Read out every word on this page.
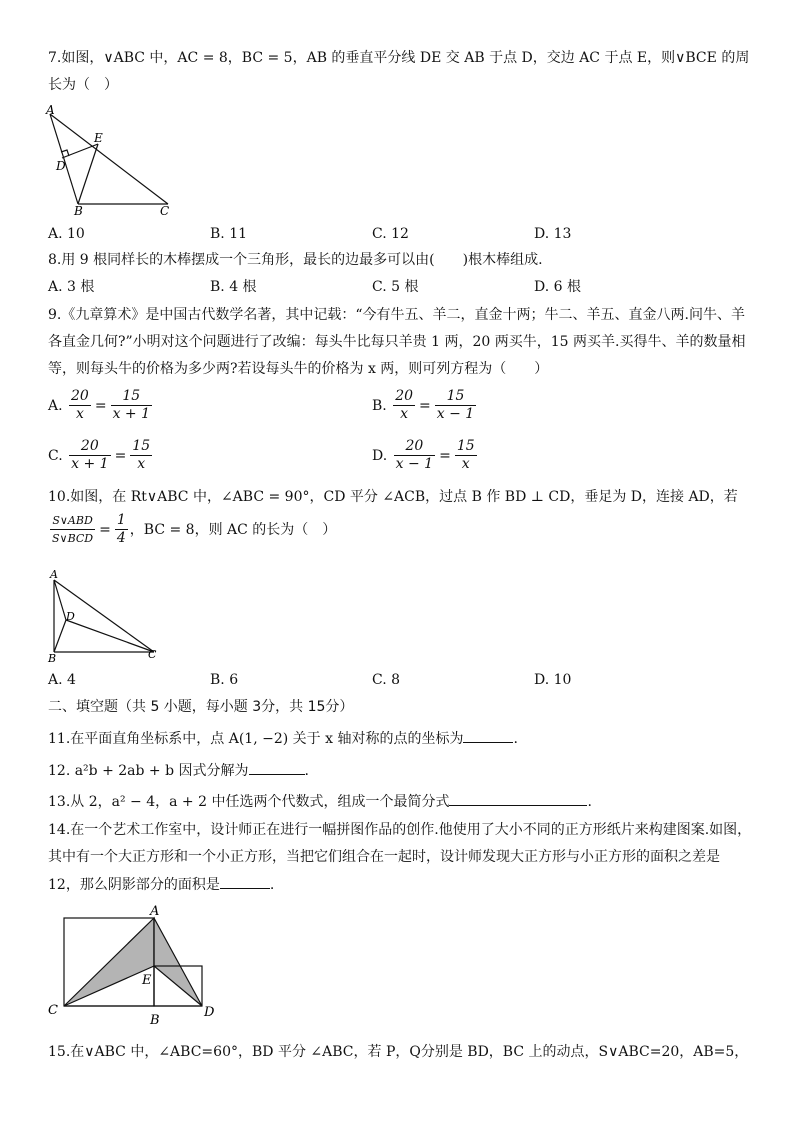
7.如图，∨ABC 中，AC = 8，BC = 5，AB 的垂直平分线 DE 交 AB 于点 D，交边 AC 于点 E，则∨BCE 的周
长为（　）
A
E
D
B	C
A. 10	B. 11	C. 12	D. 13
8.用 9 根同样长的木棒摆成一个三角形，最长的边最多可以由(　　)根木棒组成.
A. 3 根	B. 4 根	C. 5 根	D. 6 根
9.《九章算术》是中国古代数学名著，其中记载：“今有牛五、羊二，直金十两；牛二、羊五、直金八两.问牛、羊
各直金几何?”小明对这个问题进行了改编：每头牛比每只羊贵 1 两，20 两买牛，15 两买羊.买得牛、羊的数量相
等，则每头牛的价格为多少两?若设每头牛的价格为 x 两，则可列方程为（　　）
A. $\frac{20}{x} = \frac{15}{x + 1}$	B. $\frac{20}{x} = \frac{15}{x - 1}$
C. $\frac{20}{x + 1} = \frac{15}{x}$	D. $\frac{20}{x - 1} = \frac{15}{x}$
10.如图，在 Rt∨ABC 中，∠ABC = 90°，CD 平分 ∠ACB，过点 B 作 BD ⊥ CD，垂足为 D，连接 AD，若
$\frac{\text{S∨ABD}}{\text{S∨BCD}} = \frac{1}{4}$ ，BC = 8，则 AC 的长为（　）
A
D
B	C
A. 4	B. 6	C. 8	D. 10
二、填空题（共 5 小题，每小题 3分，共 15分）
11.在平面直角坐标系中，点 A(1, −2) 关于 x 轴对称的点的坐标为	.
12. a²b + 2ab + b 因式分解为	.
13.从 2，a² − 4，a + 2 中任选两个代数式，组成一个最简分式	.
14.在一个艺术工作室中，设计师正在进行一幅拼图作品的创作.他使用了大小不同的正方形纸片来构建图案.如图，
其中有一个大正方形和一个小正方形，当把它们组合在一起时，设计师发现大正方形与小正方形的面积之差是
12，那么阴影部分的面积是	.
A
E
C
B
D
15.在∨ABC 中，∠ABC=60°，BD 平分 ∠ABC，若 P，Q分别是 BD，BC 上的动点，S∨ABC=20，AB=5，
